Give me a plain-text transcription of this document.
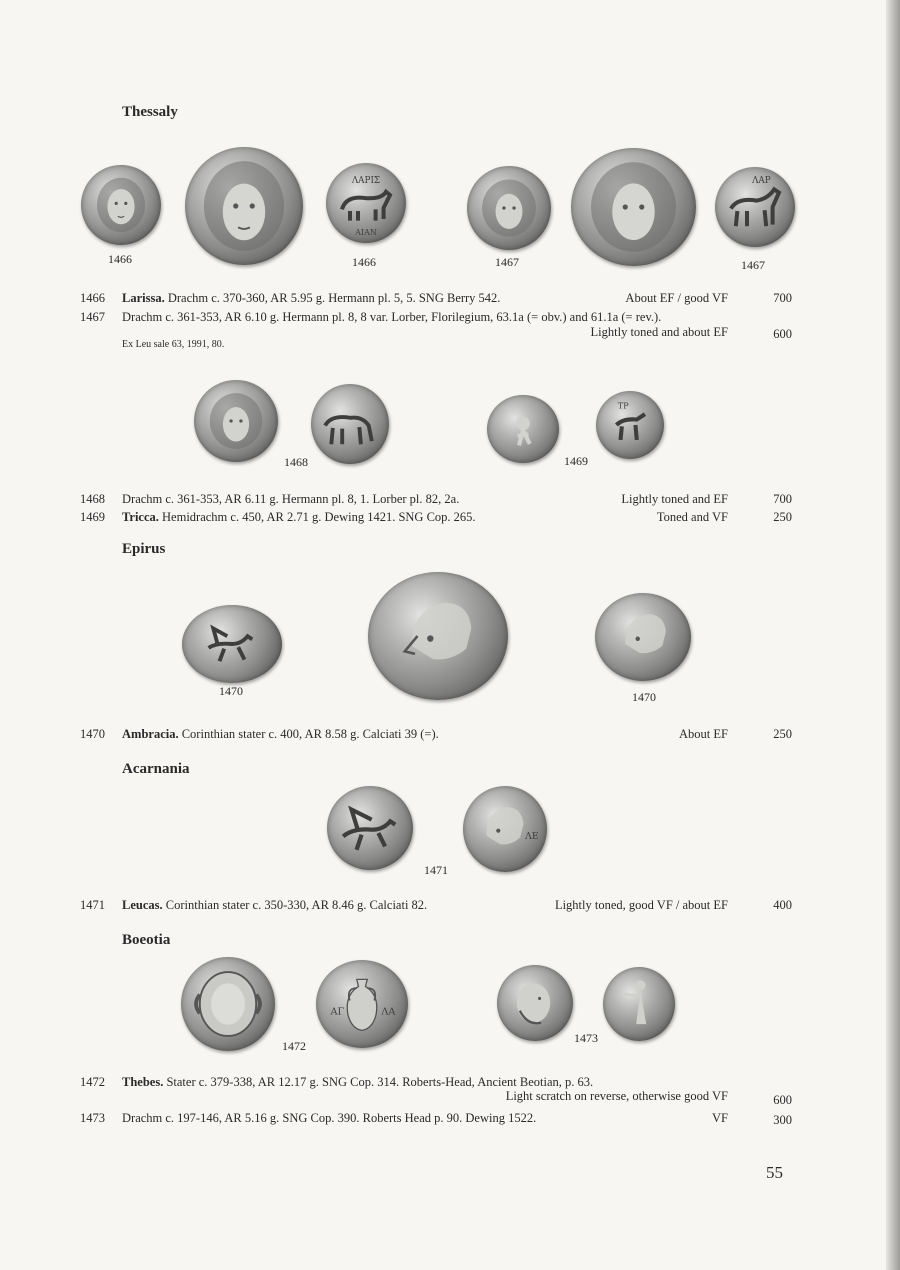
Thessaly
Epirus
Acarnania
Boeotia
ΛΑΡΙΣ
ΑΙΑΝ
ΛΑΡ
1466	1466	1467	1467
1466 Larissa. Drachm c. 370-360, AR 5.95 g. Hermann pl. 5, 5. SNG Berry 542.	About EF / good VF	700
1467 Drachm c. 361-353, AR 6.10 g. Hermann pl. 8, 8 var. Lorber, Florilegium, 63.1a (= obv.) and 61.1a (= rev.).
Lightly toned and about EF	600
Ex Leu sale 63, 1991, 80.
ΤΡ
1468	1469
1468 Drachm c. 361-353, AR 6.11 g. Hermann pl. 8, 1. Lorber pl. 82, 2a.	Lightly toned and EF	700
1469 Tricca. Hemidrachm c. 450, AR 2.71 g. Dewing 1421. SNG Cop. 265.	Toned and VF	250
1470	1470
1470 Ambracia. Corinthian stater c. 400, AR 8.58 g. Calciati 39 (=).	About EF	250
ΛΕ
1471
1471 Leucas. Corinthian stater c. 350-330, AR 8.46 g. Calciati 82.	Lightly toned, good VF / about EF	400
ΑΓ	ΛΑ
1472
1473
1472 Thebes. Stater c. 379-338, AR 12.17 g. SNG Cop. 314. Roberts-Head, Ancient Beotian, p. 63.
Light scratch on reverse, otherwise good VF	600
1473 Drachm c. 197-146, AR 5.16 g. SNG Cop. 390. Roberts Head p. 90. Dewing 1522.	VF	300
55
